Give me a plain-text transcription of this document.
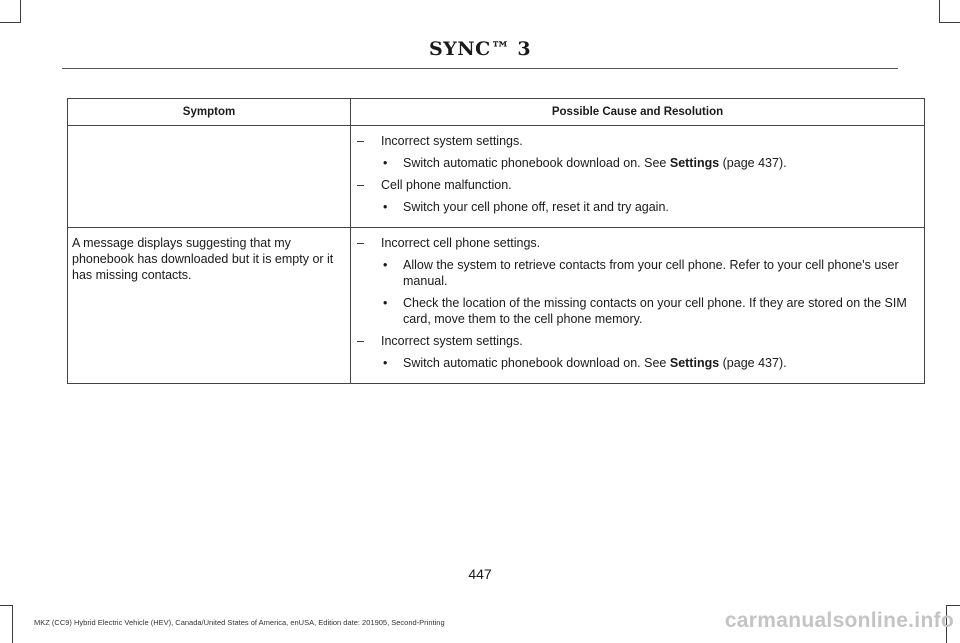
SYNC™ 3
Symptom	Possible Cause and Resolution

	– Incorrect system settings.
• Switch automatic phonebook download on. See Settings (page 437).
– Cell phone malfunction.
• Switch your cell phone off, reset it and try again.

A message displays suggesting that my phonebook has downloaded but it is empty or it has missing contacts.	– Incorrect cell phone settings.
• Allow the system to retrieve contacts from your cell phone. Refer to your cell phone's user manual.
• Check the location of the missing contacts on your cell phone. If they are stored on the SIM card, move them to the cell phone memory.
– Incorrect system settings.
• Switch automatic phonebook download on. See Settings (page 437).
447
MKZ (CC9) Hybrid Electric Vehicle (HEV), Canada/United States of America, enUSA, Edition date: 201905, Second-Printing	carmanualsonline.info
